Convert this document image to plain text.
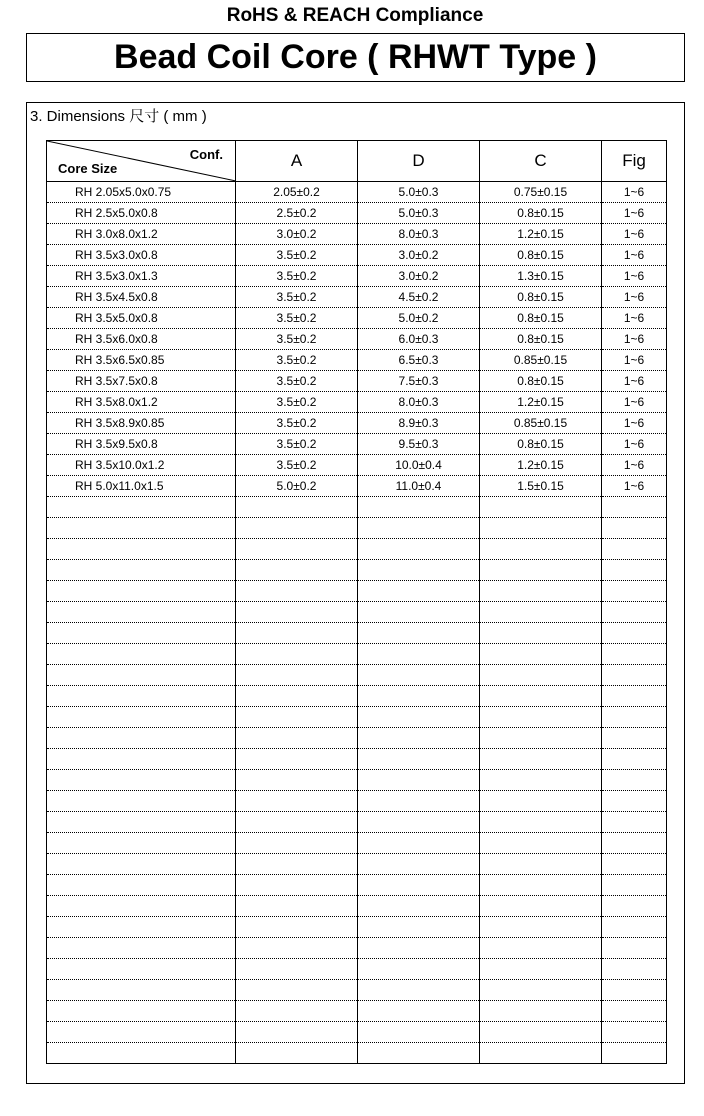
RoHS & REACH Compliance
Bead Coil Core ( RHWT Type )
3. Dimensions 尺寸 ( mm )
Conf.
Core Size	A	D	C	Fig
RH 2.05x5.0x0.75	2.05±0.2	5.0±0.3	0.75±0.15	1~6
RH 2.5x5.0x0.8	2.5±0.2	5.0±0.3	0.8±0.15	1~6
RH 3.0x8.0x1.2	3.0±0.2	8.0±0.3	1.2±0.15	1~6
RH 3.5x3.0x0.8	3.5±0.2	3.0±0.2	0.8±0.15	1~6
RH 3.5x3.0x1.3	3.5±0.2	3.0±0.2	1.3±0.15	1~6
RH 3.5x4.5x0.8	3.5±0.2	4.5±0.2	0.8±0.15	1~6
RH 3.5x5.0x0.8	3.5±0.2	5.0±0.2	0.8±0.15	1~6
RH 3.5x6.0x0.8	3.5±0.2	6.0±0.3	0.8±0.15	1~6
RH 3.5x6.5x0.85	3.5±0.2	6.5±0.3	0.85±0.15	1~6
RH 3.5x7.5x0.8	3.5±0.2	7.5±0.3	0.8±0.15	1~6
RH 3.5x8.0x1.2	3.5±0.2	8.0±0.3	1.2±0.15	1~6
RH 3.5x8.9x0.85	3.5±0.2	8.9±0.3	0.85±0.15	1~6
RH 3.5x9.5x0.8	3.5±0.2	9.5±0.3	0.8±0.15	1~6
RH 3.5x10.0x1.2	3.5±0.2	10.0±0.4	1.2±0.15	1~6
RH 5.0x11.0x1.5	5.0±0.2	11.0±0.4	1.5±0.15	1~6
